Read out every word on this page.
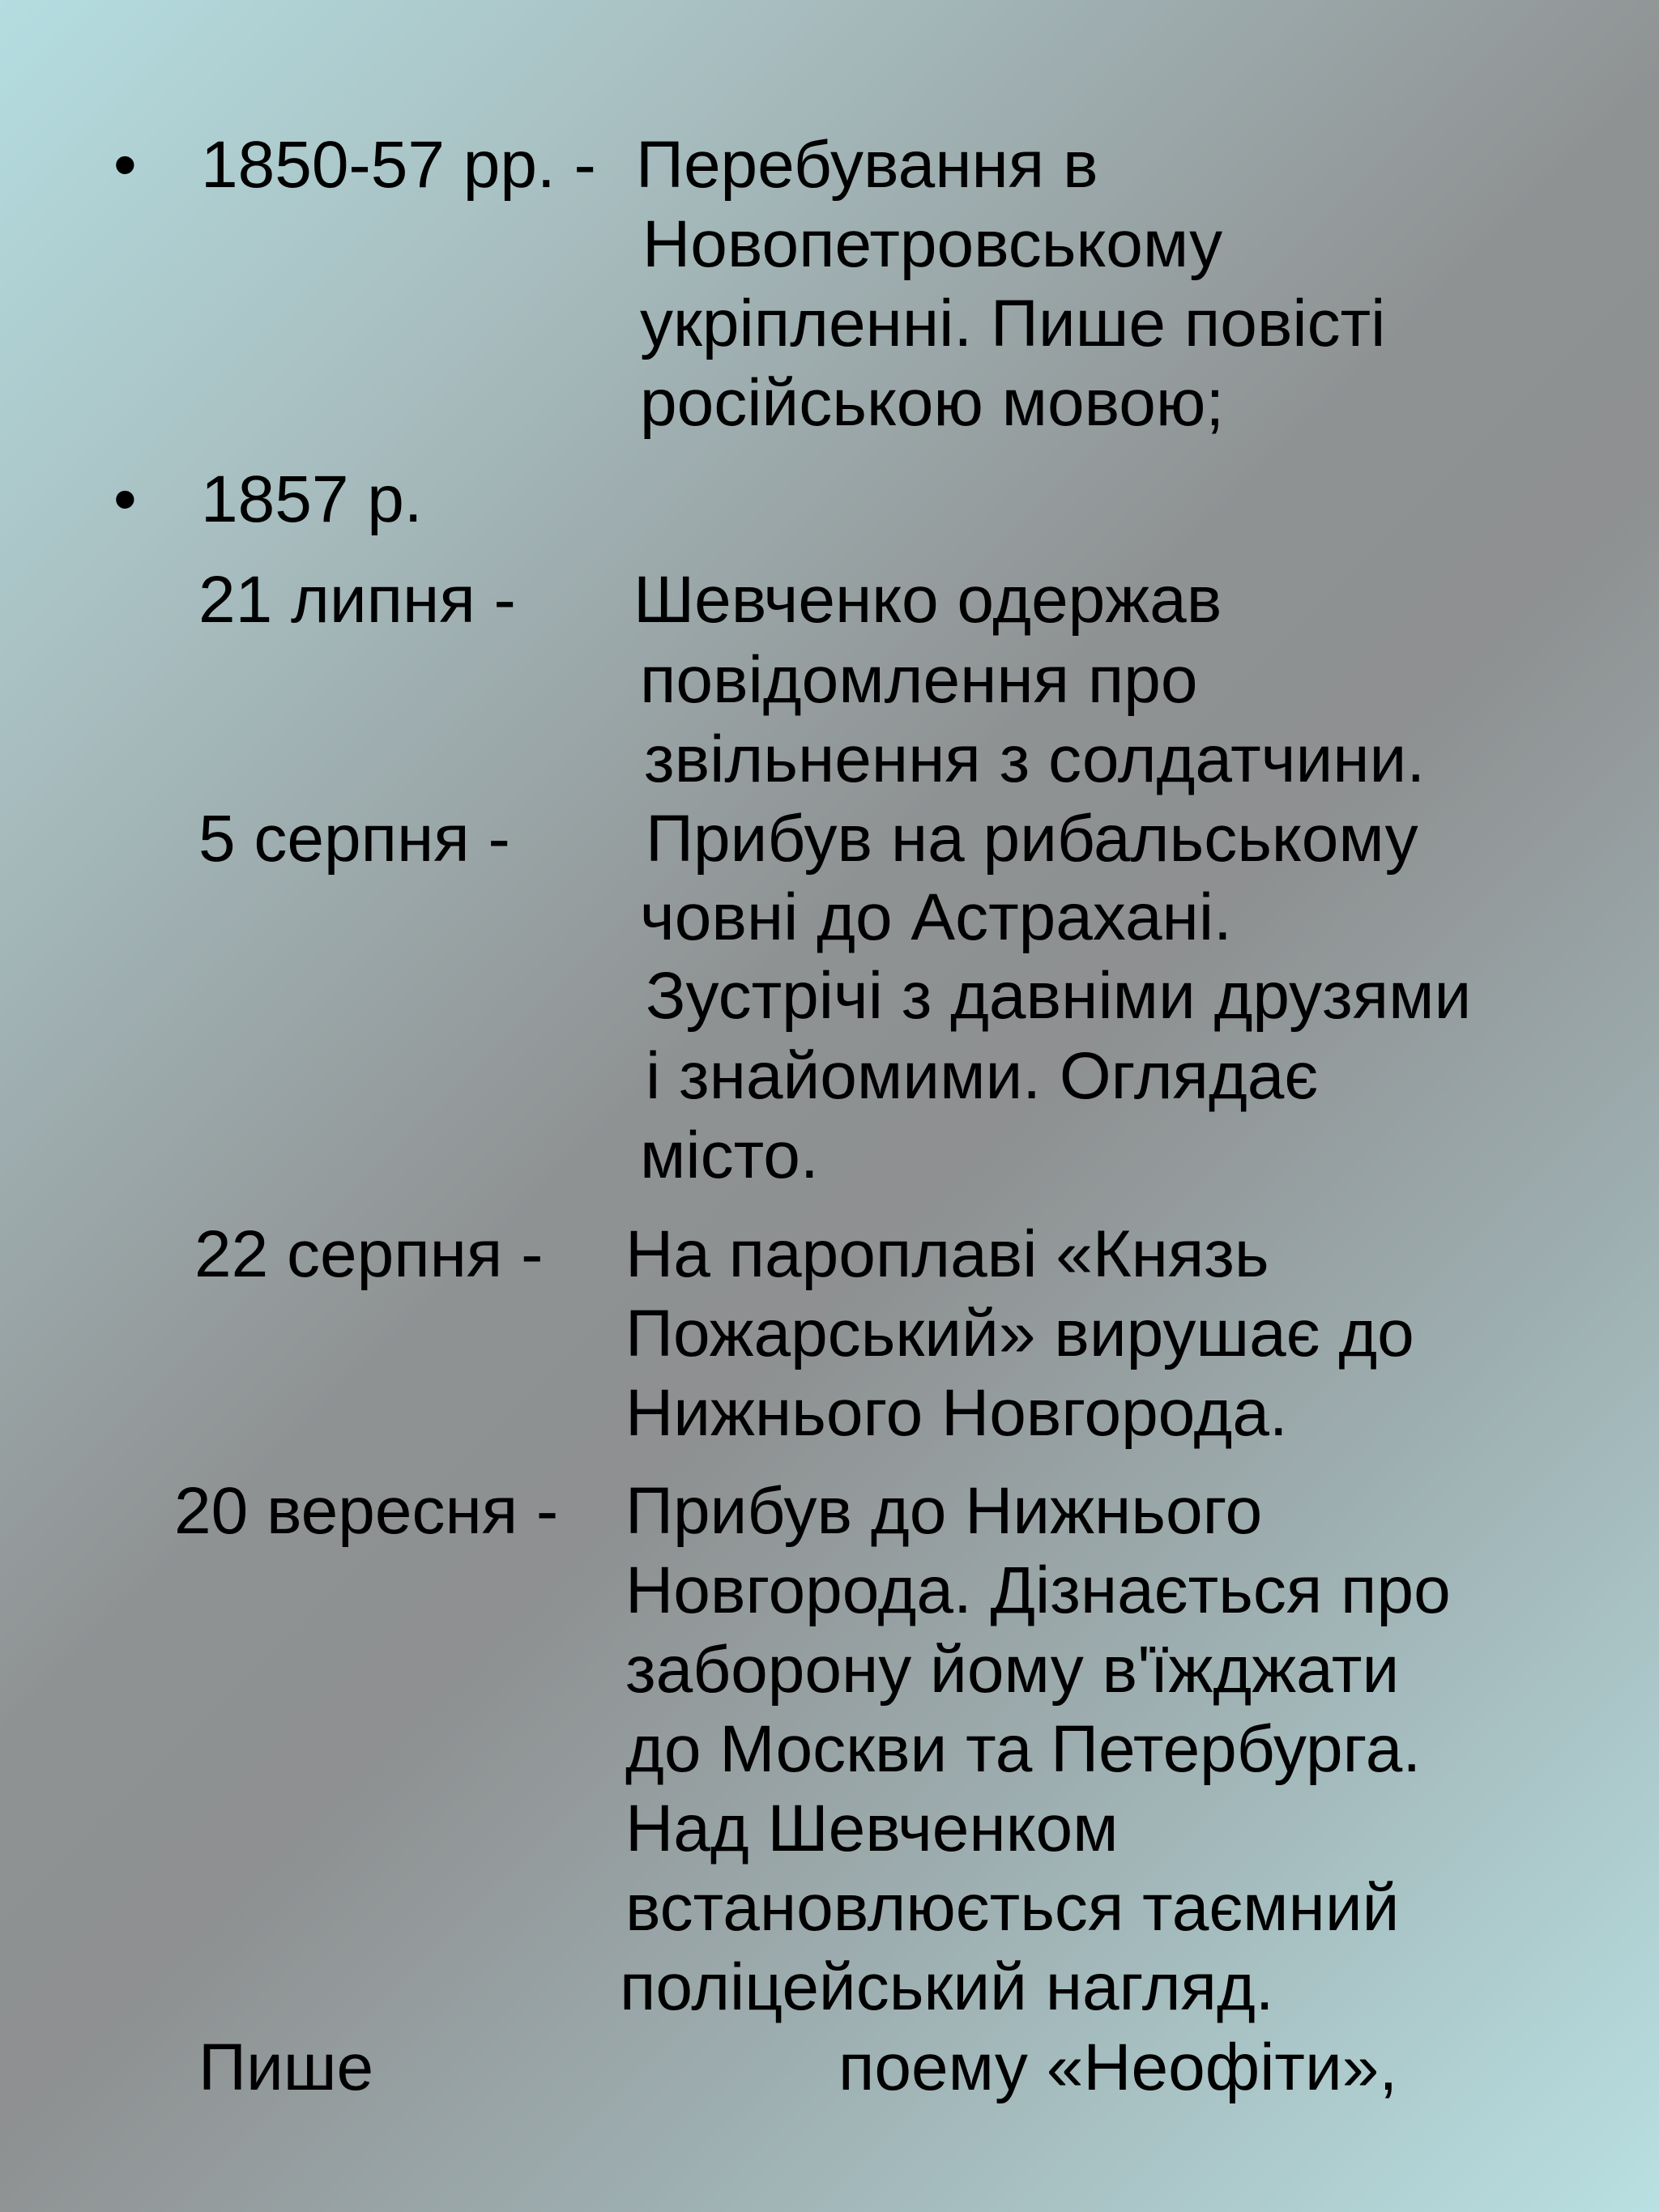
• 1850-57 рр. - Перебування в

Новопетровському

укріпленні. Пише повісті

російською мовою;

• 1857 р.

21 липня - Шевченко одержав

повідомлення про

звільнення з солдатчини.

5 серпня - Прибув на рибальському

човні до Астрахані.

Зустрічі з давніми друзями

і знайомими. Оглядає

місто.

22 серпня - На пароплаві «Князь

Пожарський» вирушає до

Нижнього Новгорода.

20 вересня - Прибув до Нижнього

Новгорода. Дізнається про

заборону йому в'їжджати

до Москви та Петербурга.

Над Шевченком

встановлюється таємний

поліцейський нагляд.

Пише	поему «Неофіти»,
